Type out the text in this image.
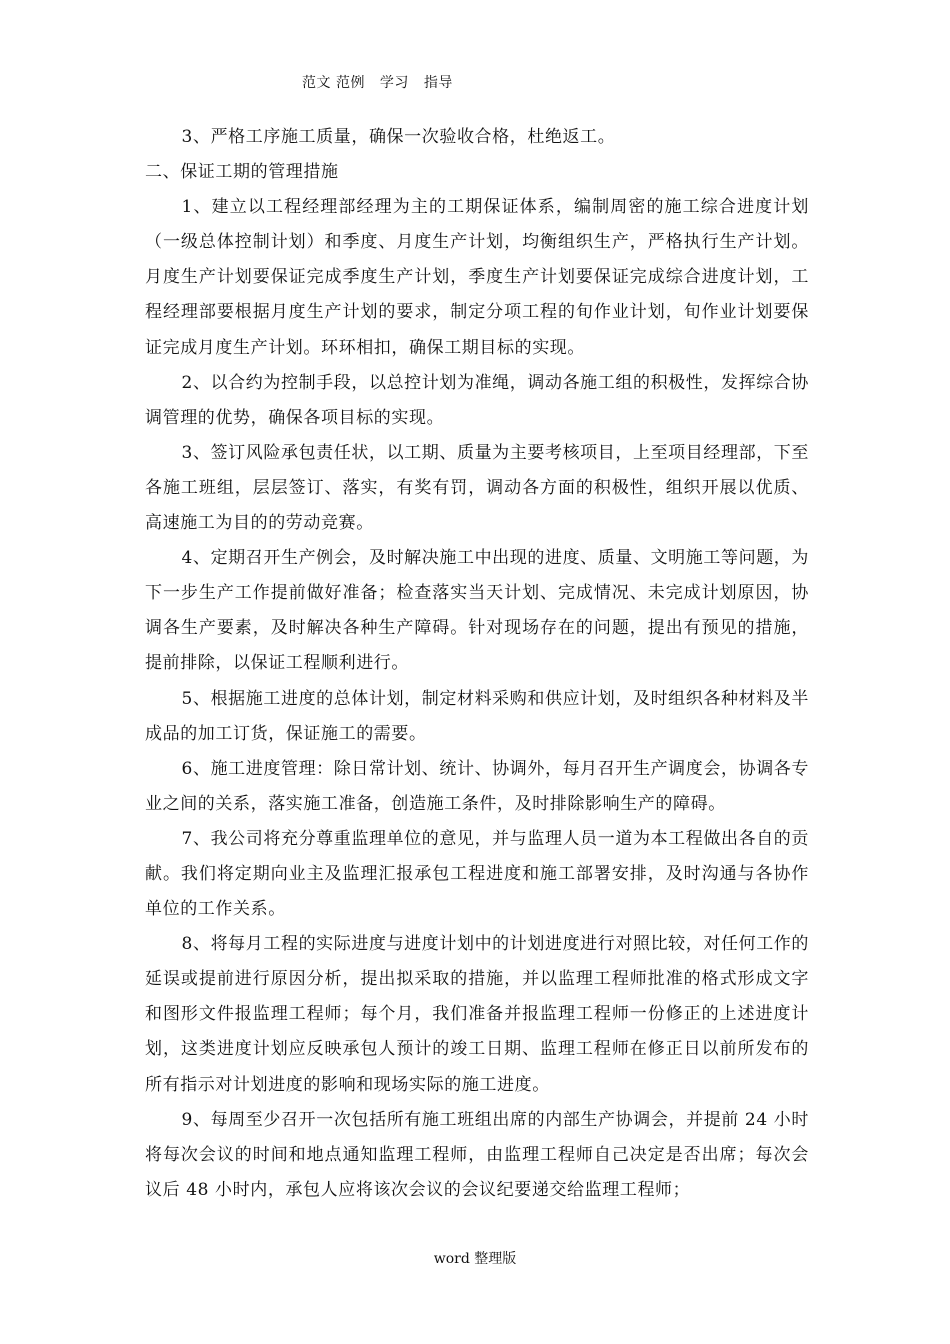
范文 范例 学习 指导

3、严格工序施工质量，确保一次验收合格，杜绝返工。

二、保证工期的管理措施

1、建立以工程经理部经理为主的工期保证体系，编制周密的施工综合进度计划（一级总体控制计划）和季度、月度生产计划，均衡组织生产，严格执行生产计划。月度生产计划要保证完成季度生产计划，季度生产计划要保证完成综合进度计划，工程经理部要根据月度生产计划的要求，制定分项工程的旬作业计划，旬作业计划要保证完成月度生产计划。环环相扣，确保工期目标的实现。

2、以合约为控制手段，以总控计划为准绳，调动各施工组的积极性，发挥综合协调管理的优势，确保各项目标的实现。

3、签订风险承包责任状，以工期、质量为主要考核项目，上至项目经理部，下至各施工班组，层层签订、落实，有奖有罚，调动各方面的积极性，组织开展以优质、高速施工为目的的劳动竞赛。

4、定期召开生产例会，及时解决施工中出现的进度、质量、文明施工等问题，为下一步生产工作提前做好准备；检查落实当天计划、完成情况、未完成计划原因，协调各生产要素，及时解决各种生产障碍。针对现场存在的问题，提出有预见的措施，提前排除，以保证工程顺利进行。

5、根据施工进度的总体计划，制定材料采购和供应计划，及时组织各种材料及半成品的加工订货，保证施工的需要。

6、施工进度管理：除日常计划、统计、协调外，每月召开生产调度会，协调各专业之间的关系，落实施工准备，创造施工条件，及时排除影响生产的障碍。

7、我公司将充分尊重监理单位的意见，并与监理人员一道为本工程做出各自的贡献。我们将定期向业主及监理汇报承包工程进度和施工部署安排，及时沟通与各协作单位的工作关系。

8、将每月工程的实际进度与进度计划中的计划进度进行对照比较，对任何工作的延误或提前进行原因分析，提出拟采取的措施，并以监理工程师批准的格式形成文字和图形文件报监理工程师；每个月，我们准备并报监理工程师一份修正的上述进度计划，这类进度计划应反映承包人预计的竣工日期、监理工程师在修正日以前所发布的所有指示对计划进度的影响和现场实际的施工进度。

9、每周至少召开一次包括所有施工班组出席的内部生产协调会，并提前 24 小时将每次会议的时间和地点通知监理工程师，由监理工程师自己决定是否出席；每次会议后 48 小时内，承包人应将该次会议的会议纪要递交给监理工程师；

word 整理版
